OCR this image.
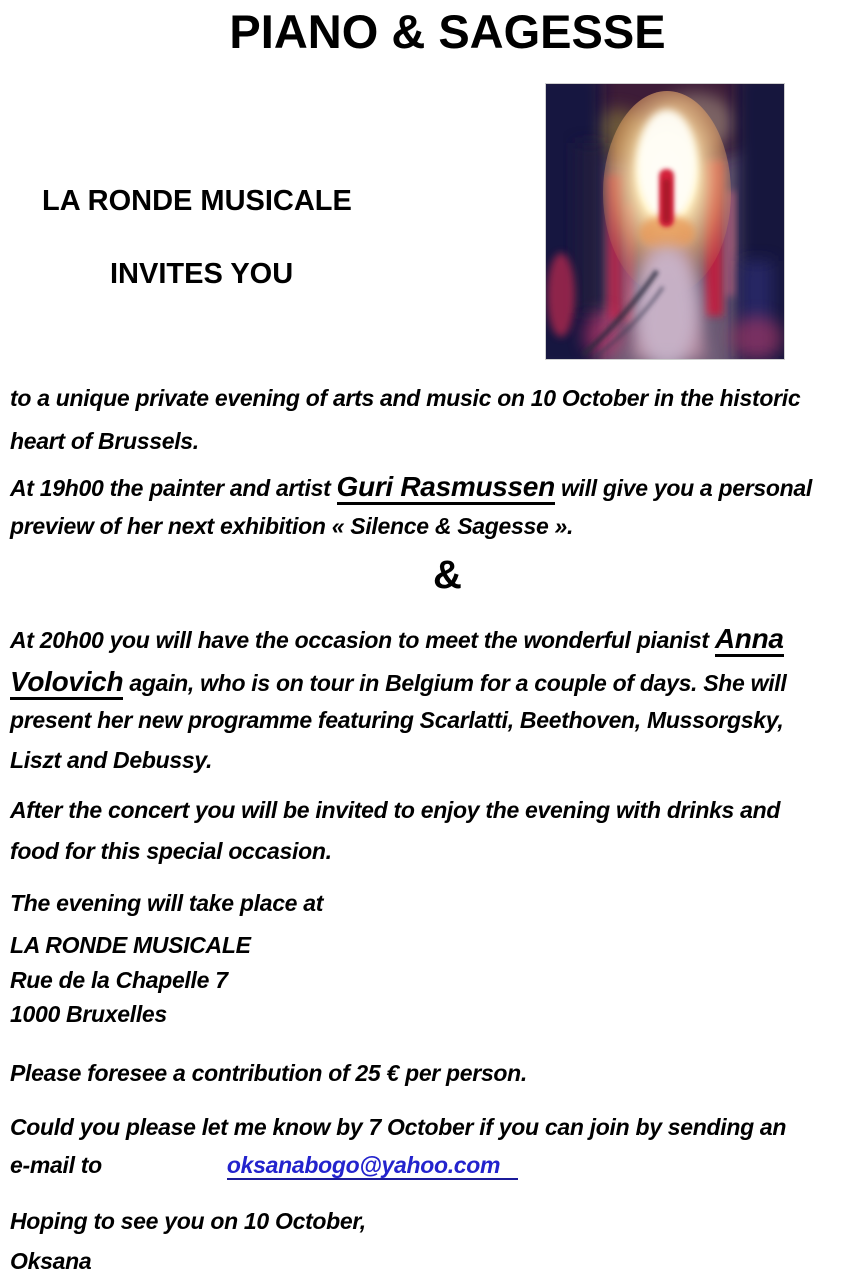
PIANO & SAGESSE
LA RONDE MUSICALE
INVITES YOU
&
to a unique private evening of arts and music on 10 October in the historic
heart of Brussels.
At 19h00 the painter and artist Guri Rasmussen will give you a personal
preview of her next exhibition « Silence & Sagesse ».
At 20h00 you will have the occasion to meet the wonderful pianist Anna
Volovich again, who is on tour in Belgium for a couple of days. She will
present her new programme featuring Scarlatti, Beethoven, Mussorgsky,
Liszt and Debussy.
After the concert you will be invited to enjoy the evening with drinks and
food for this special occasion.
The evening will take place at
LA RONDE MUSICALE
Rue de la Chapelle 7
1000 Bruxelles
Please foresee a contribution of 25 € per person.
Could you please let me know by 7 October if you can join by sending an
e-mail to	oksanabogo@yahoo.com
Hoping to see you on 10 October,
Oksana
